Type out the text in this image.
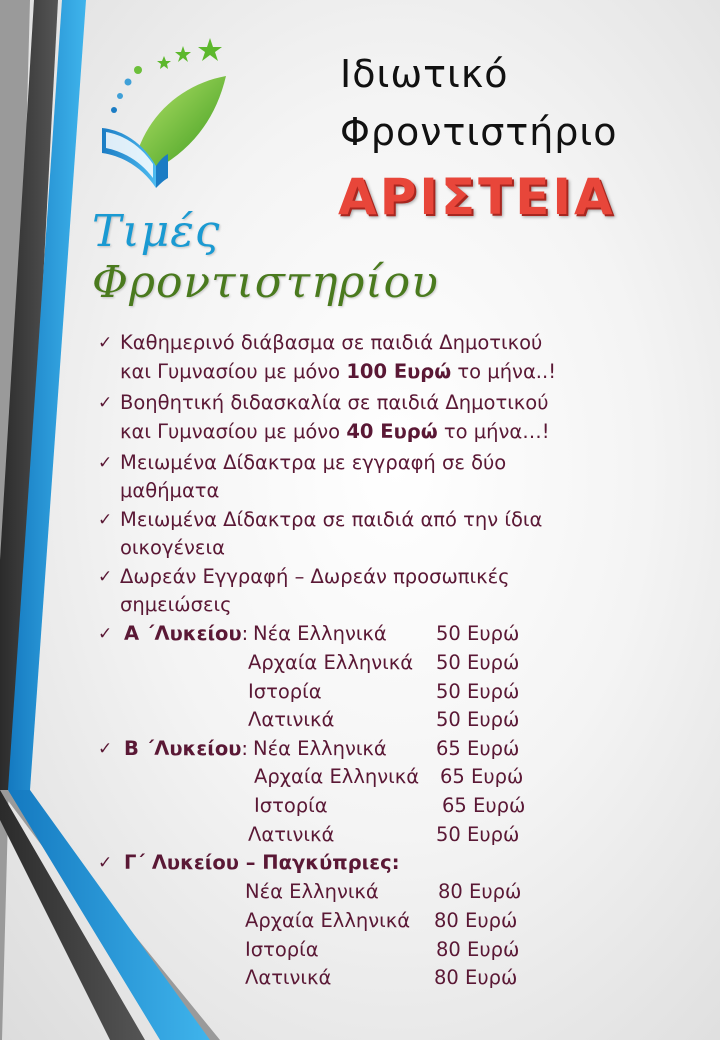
Ιδιωτικό
Φροντιστήριο
ΑΡΙΣΤΕΙΑ
Τιμές
Φροντιστηρίου
✓ Καθημερινό διάβασμα σε παιδιά Δημοτικού
και Γυμνασίου με μόνο 100 Ευρώ το μήνα..!
✓ Βοηθητική διδασκαλία σε παιδιά Δημοτικού
και Γυμνασίου με μόνο 40 Ευρώ το μήνα…!
✓ Μειωμένα Δίδακτρα με εγγραφή σε δύο
μαθήματα
✓ Μειωμένα Δίδακτρα σε παιδιά από την ίδια
οικογένεια
✓ Δωρεάν Εγγραφή – Δωρεάν προσωπικές
σημειώσεις
✓ Α ΄Λυκείου: Νέα Ελληνικά	50 Ευρώ
Αρχαία Ελληνικά 50 Ευρώ
Ιστορία	50 Ευρώ
Λατινικά	50 Ευρώ
✓ Β ΄Λυκείου: Νέα Ελληνικά	65 Ευρώ
Αρχαία Ελληνικά 65 Ευρώ
Ιστορία	65 Ευρώ
Λατινικά	50 Ευρώ
✓ Γ΄ Λυκείου – Παγκύπριες:
Νέα Ελληνικά	80 Ευρώ
Αρχαία Ελληνικά 80 Ευρώ
Ιστορία	80 Ευρώ
Λατινικά	80 Ευρώ
